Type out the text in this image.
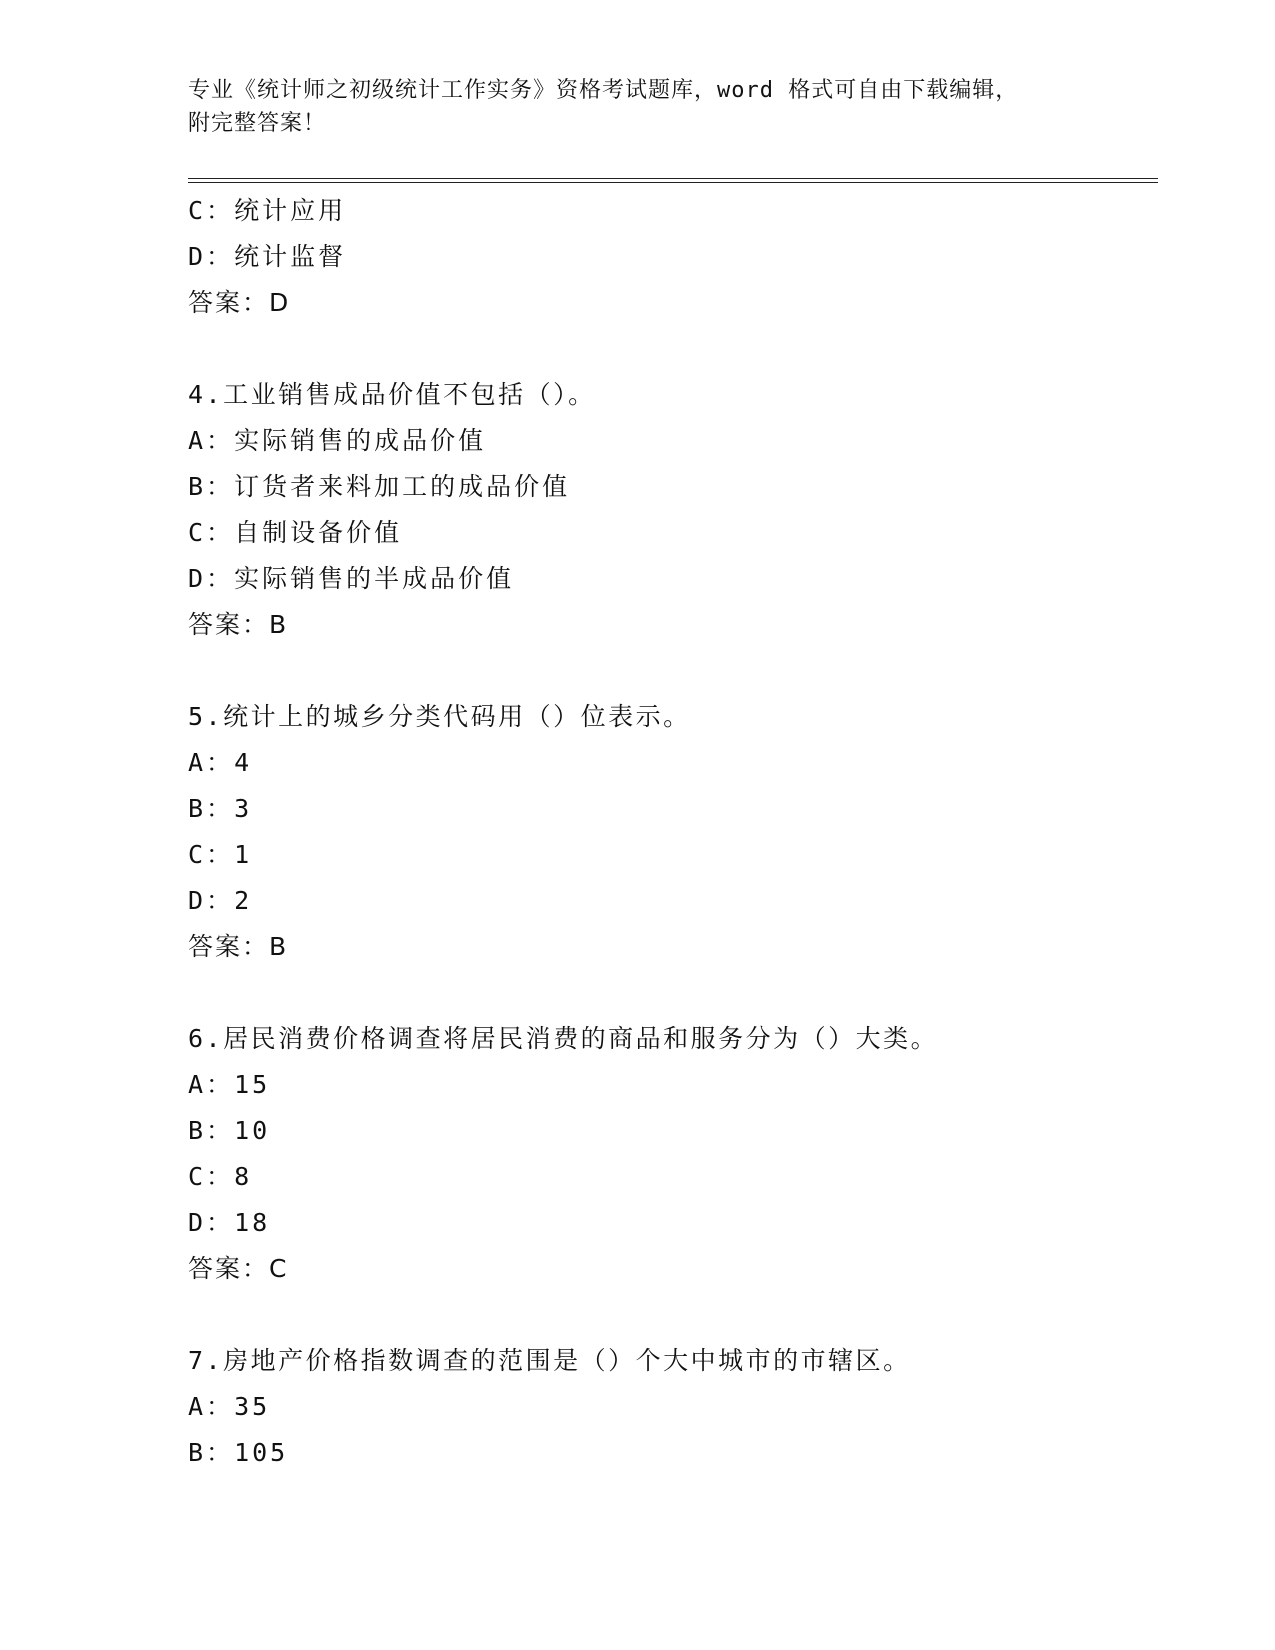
专业《统计师之初级统计工作实务》资格考试题库，word 格式可自由下载编辑，
附完整答案！
C：统计应用
D：统计监督
答案：D
4.工业销售成品价值不包括（）。
A：实际销售的成品价值
B：订货者来料加工的成品价值
C：自制设备价值
D：实际销售的半成品价值
答案：B
5.统计上的城乡分类代码用（）位表示。
A：4
B：3
C：1
D：2
答案：B
6.居民消费价格调查将居民消费的商品和服务分为（）大类。
A：15
B：10
C：8
D：18
答案：C
7.房地产价格指数调查的范围是（）个大中城市的市辖区。
A：35
B：105
